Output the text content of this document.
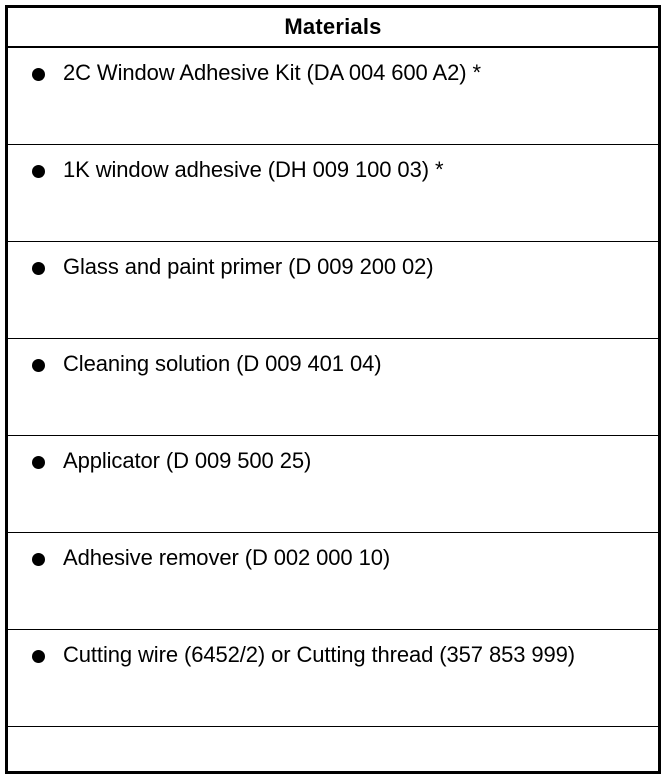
Materials
2C Window Adhesive Kit (DA 004 600 A2) *
1K window adhesive (DH 009 100 03) *
Glass and paint primer (D 009 200 02)
Cleaning solution (D 009 401 04)
Applicator (D 009 500 25)
Adhesive remover (D 002 000 10)
Cutting wire (6452/2) or Cutting thread (357 853 999)
